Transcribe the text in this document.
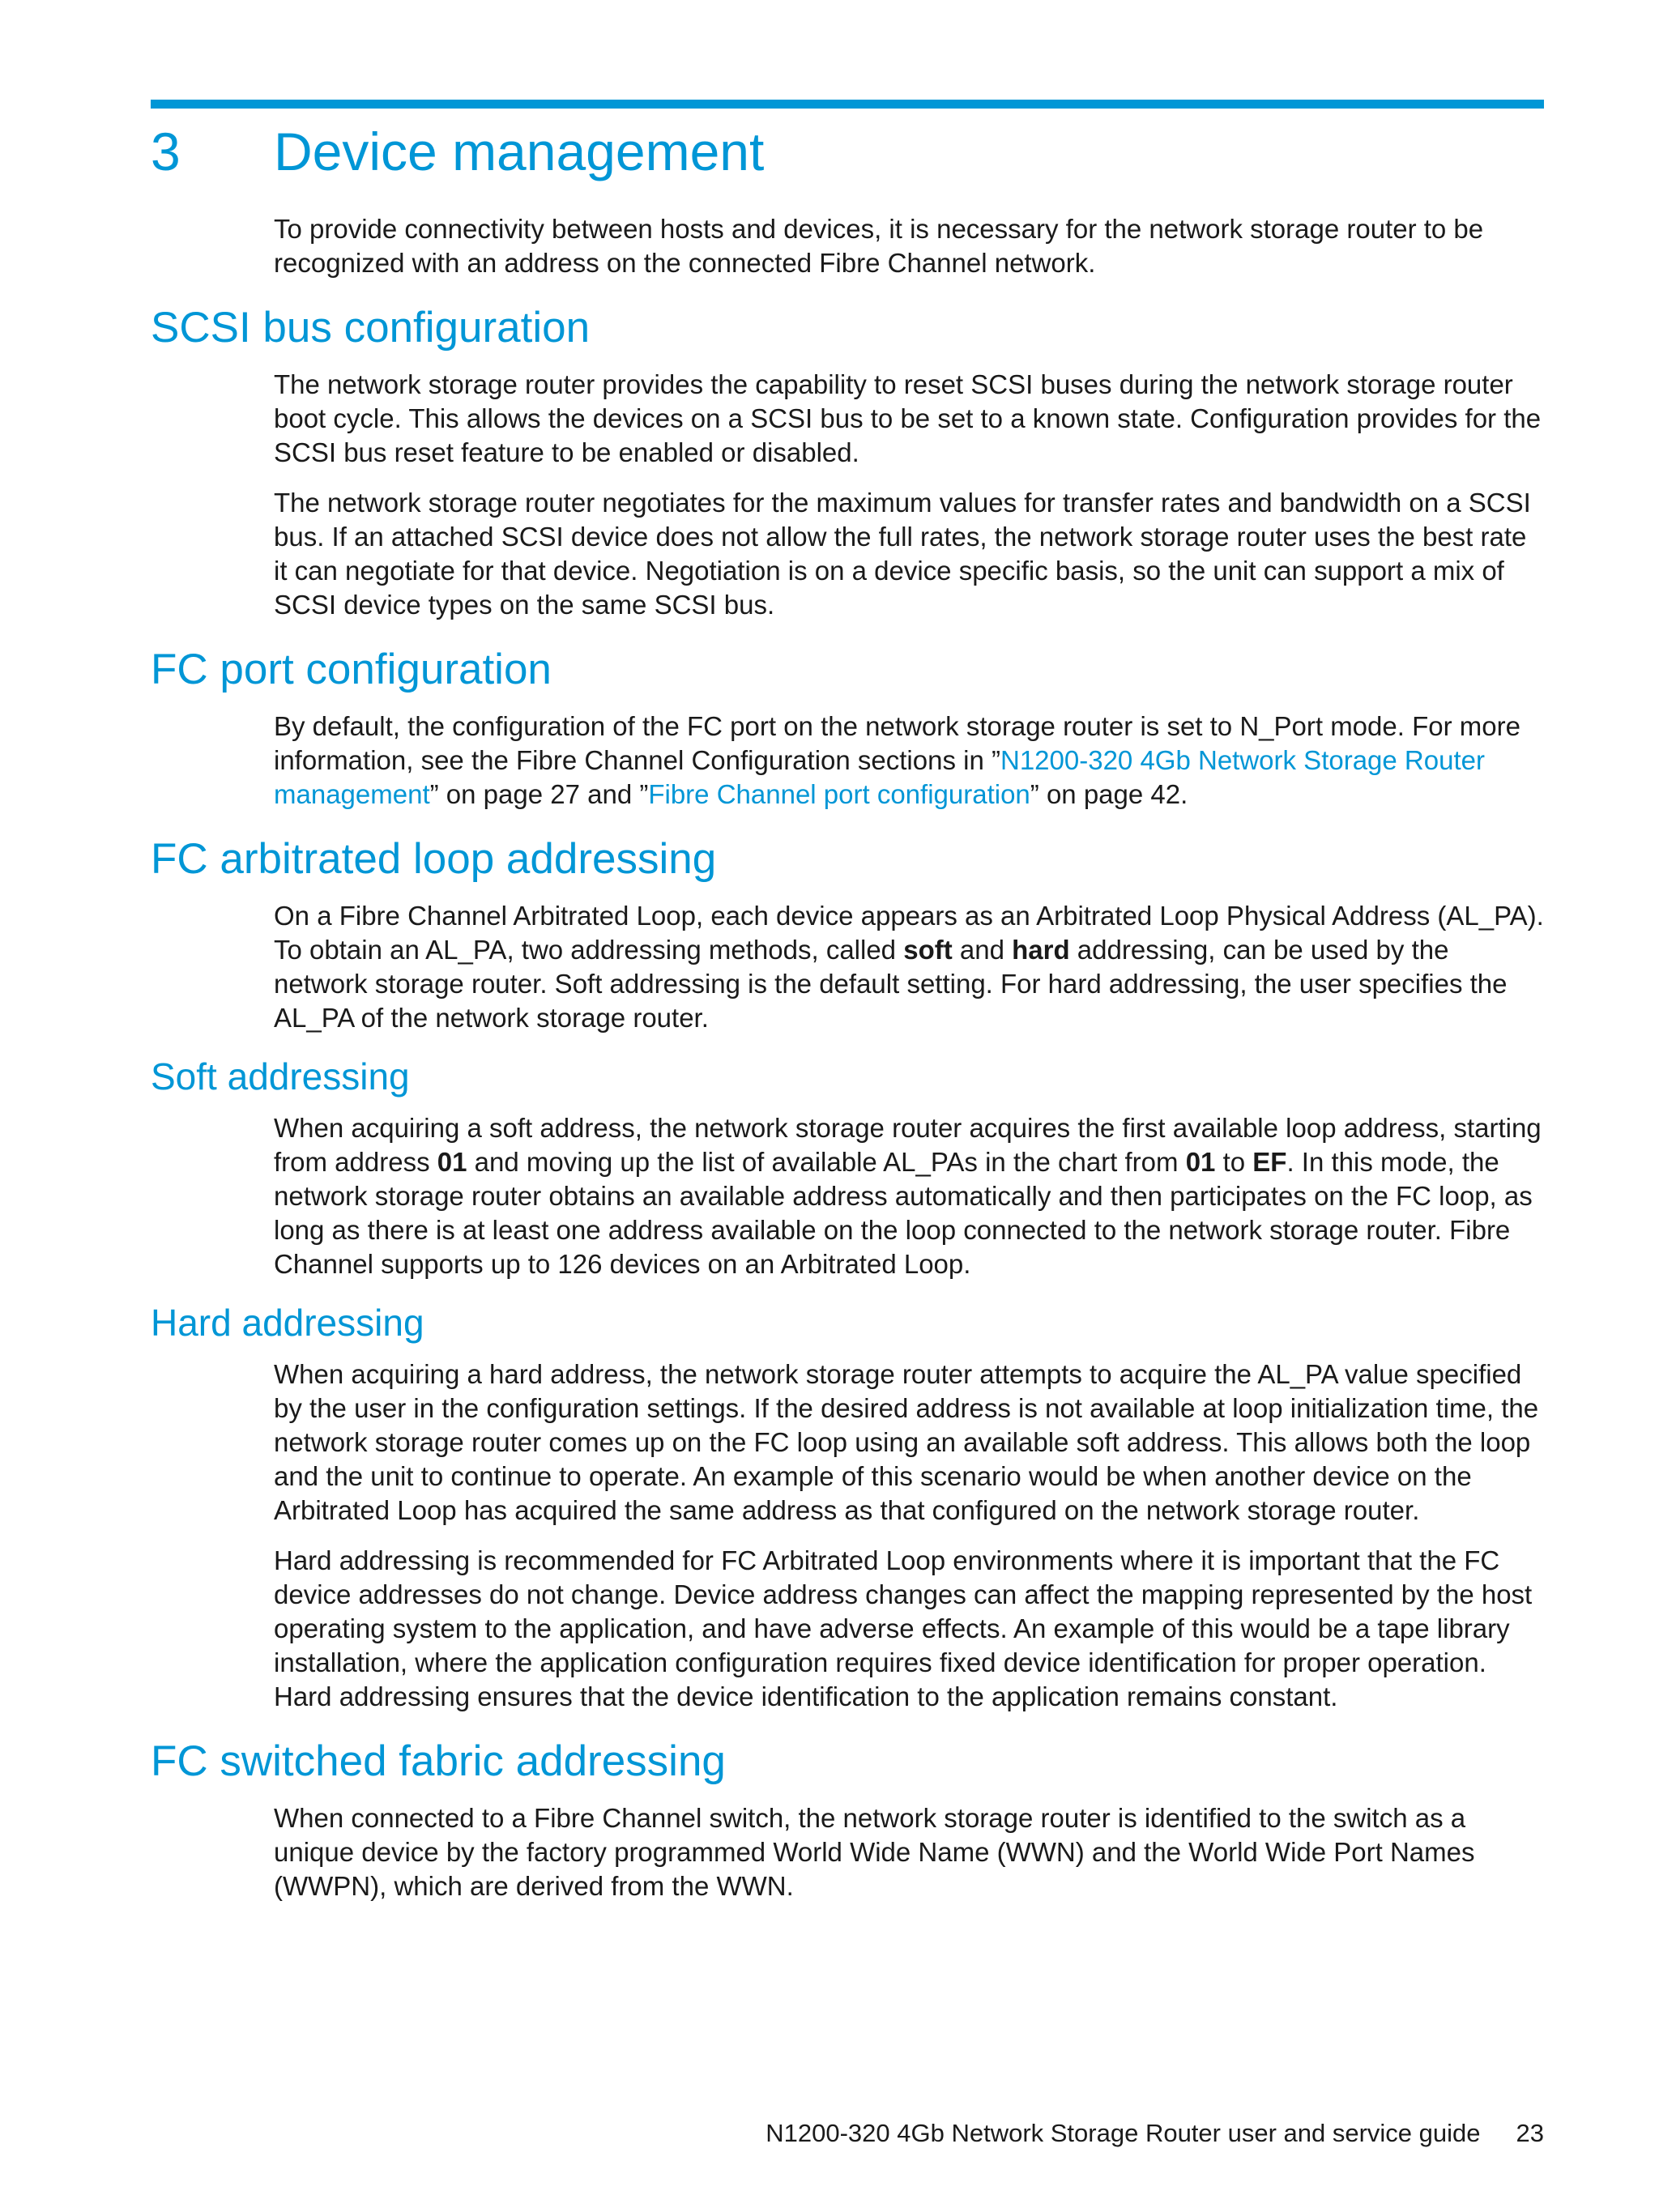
3 Device management

To provide connectivity between hosts and devices, it is necessary for the network storage router to be recognized with an address on the connected Fibre Channel network.

SCSI bus configuration

The network storage router provides the capability to reset SCSI buses during the network storage router boot cycle. This allows the devices on a SCSI bus to be set to a known state. Configuration provides for the SCSI bus reset feature to be enabled or disabled.

The network storage router negotiates for the maximum values for transfer rates and bandwidth on a SCSI bus. If an attached SCSI device does not allow the full rates, the network storage router uses the best rate it can negotiate for that device. Negotiation is on a device specific basis, so the unit can support a mix of SCSI device types on the same SCSI bus.

FC port configuration

By default, the configuration of the FC port on the network storage router is set to N_Port mode. For more information, see the Fibre Channel Configuration sections in ”N1200-320 4Gb Network Storage Router management” on page 27 and ”Fibre Channel port configuration” on page 42.

FC arbitrated loop addressing

On a Fibre Channel Arbitrated Loop, each device appears as an Arbitrated Loop Physical Address (AL_PA). To obtain an AL_PA, two addressing methods, called soft and hard addressing, can be used by the network storage router. Soft addressing is the default setting. For hard addressing, the user specifies the AL_PA of the network storage router.

Soft addressing

When acquiring a soft address, the network storage router acquires the first available loop address, starting from address 01 and moving up the list of available AL_PAs in the chart from 01 to EF. In this mode, the network storage router obtains an available address automatically and then participates on the FC loop, as long as there is at least one address available on the loop connected to the network storage router. Fibre Channel supports up to 126 devices on an Arbitrated Loop.

Hard addressing

When acquiring a hard address, the network storage router attempts to acquire the AL_PA value specified by the user in the configuration settings. If the desired address is not available at loop initialization time, the network storage router comes up on the FC loop using an available soft address. This allows both the loop and the unit to continue to operate. An example of this scenario would be when another device on the Arbitrated Loop has acquired the same address as that configured on the network storage router.

Hard addressing is recommended for FC Arbitrated Loop environments where it is important that the FC device addresses do not change. Device address changes can affect the mapping represented by the host operating system to the application, and have adverse effects. An example of this would be a tape library installation, where the application configuration requires fixed device identification for proper operation. Hard addressing ensures that the device identification to the application remains constant.

FC switched fabric addressing

When connected to a Fibre Channel switch, the network storage router is identified to the switch as a unique device by the factory programmed World Wide Name (WWN) and the World Wide Port Names (WWPN), which are derived from the WWN.

N1200-320 4Gb Network Storage Router user and service guide 23
